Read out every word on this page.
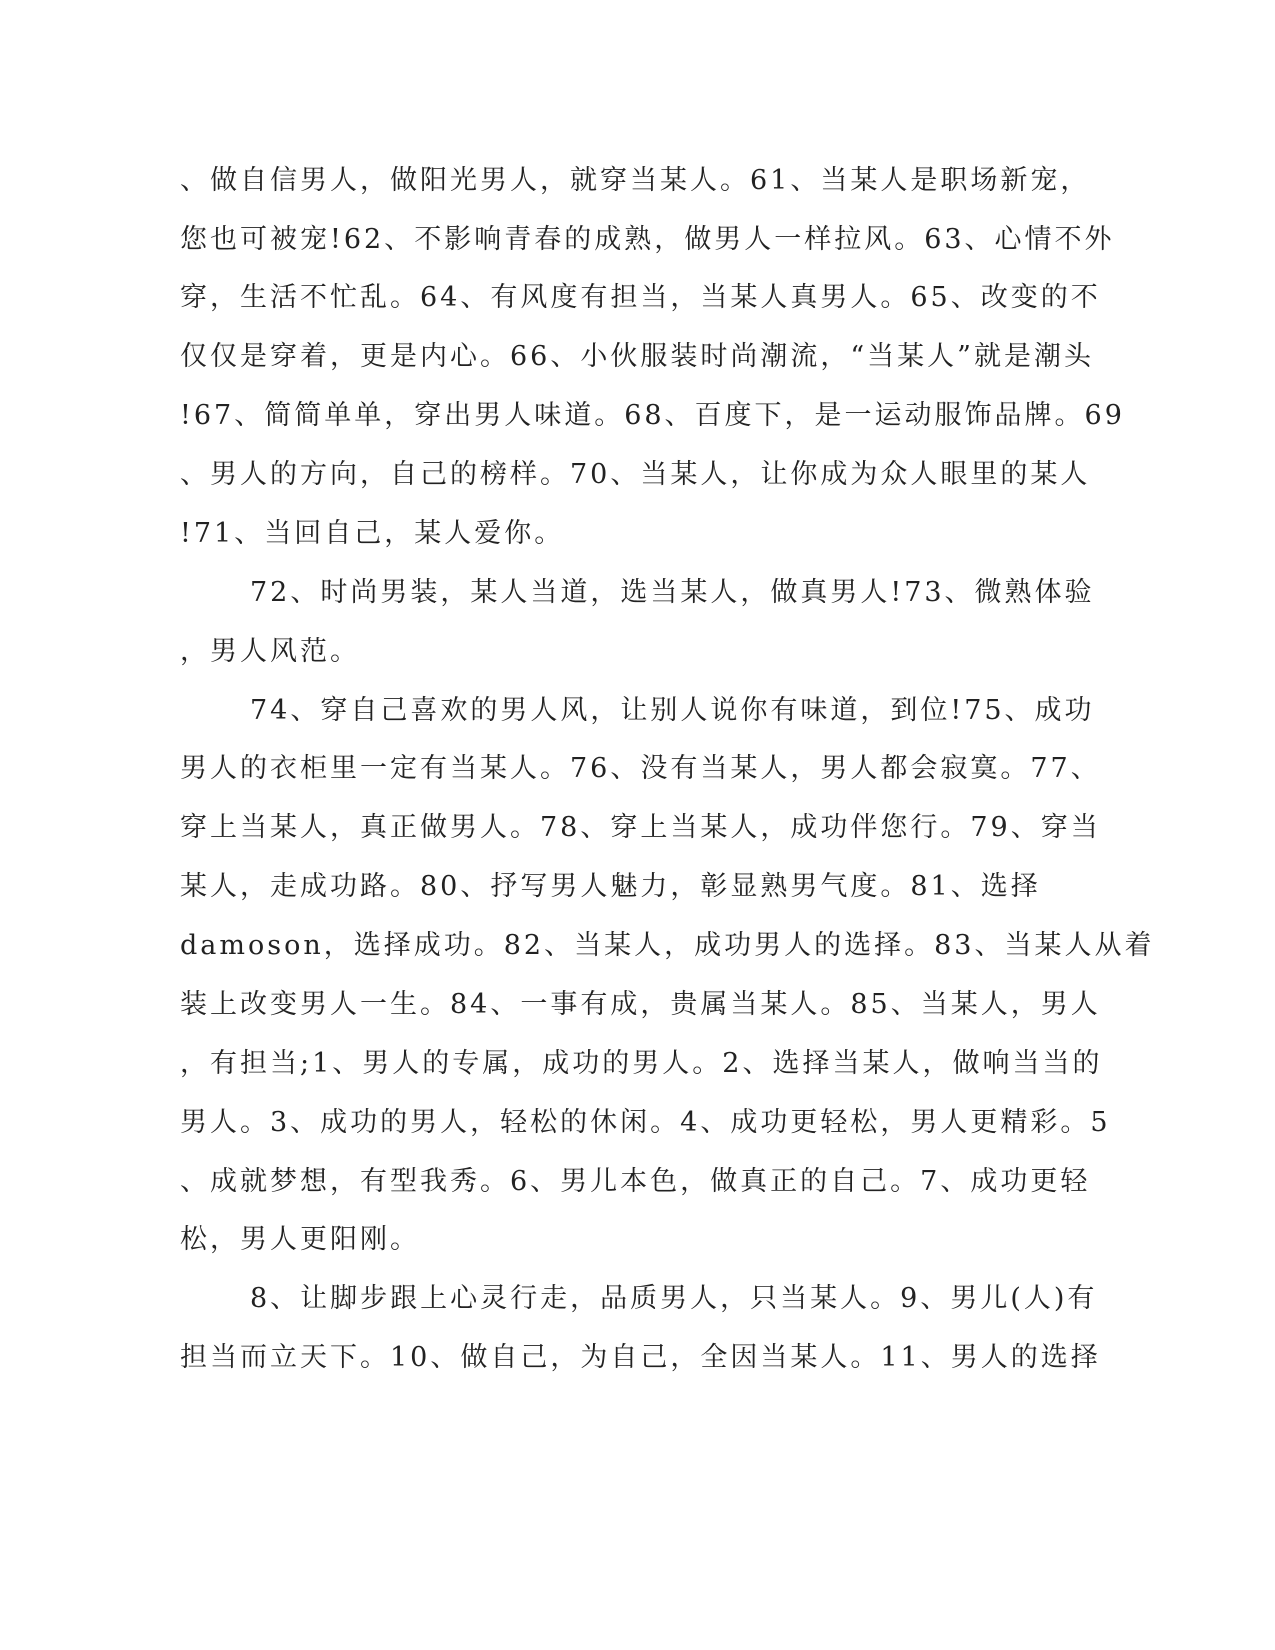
、做自信男人，做阳光男人，就穿当某人。61、当某人是职场新宠，
您也可被宠!62、不影响青春的成熟，做男人一样拉风。63、心情不外
穿，生活不忙乱。64、有风度有担当，当某人真男人。65、改变的不
仅仅是穿着，更是内心。66、小伙服装时尚潮流，“当某人”就是潮头
!67、简简单单，穿出男人味道。68、百度下，是一运动服饰品牌。69
、男人的方向，自己的榜样。70、当某人，让你成为众人眼里的某人
!71、当回自己，某人爱你。
72、时尚男装，某人当道，选当某人，做真男人!73、微熟体验
，男人风范。
74、穿自己喜欢的男人风，让别人说你有味道，到位!75、成功
男人的衣柜里一定有当某人。76、没有当某人，男人都会寂寞。77、
穿上当某人，真正做男人。78、穿上当某人，成功伴您行。79、穿当
某人，走成功路。80、抒写男人魅力，彰显熟男气度。81、选择
damoson，选择成功。82、当某人，成功男人的选择。83、当某人从着
装上改变男人一生。84、一事有成，贵属当某人。85、当某人，男人
，有担当;1、男人的专属，成功的男人。2、选择当某人，做响当当的
男人。3、成功的男人，轻松的休闲。4、成功更轻松，男人更精彩。5
、成就梦想，有型我秀。6、男儿本色，做真正的自己。7、成功更轻
松，男人更阳刚。
8、让脚步跟上心灵行走，品质男人，只当某人。9、男儿(人)有
担当而立天下。10、做自己，为自己，全因当某人。11、男人的选择
